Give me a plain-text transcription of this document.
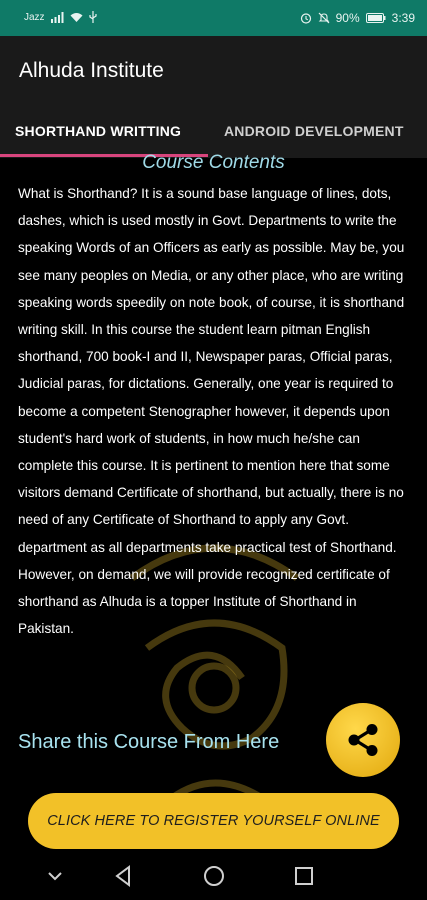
Jazz	90%	3:39
Alhuda Institute
SHORTHAND WRITTING	ANDROID DEVELOPMENT
Course Contents
What is Shorthand? It is a sound base language of lines, dots, dashes, which is used mostly in Govt. Departments to write the speaking Words of an Officers as early as possible. May be, you see many peoples on Media, or any other place, who are writing speaking words speedily on note book, of course, it is shorthand writing skill. In this course the student learn pitman English shorthand, 700 book-I and II, Newspaper paras, Official paras, Judicial paras, for dictations. Generally, one year is required to become a competent Stenographer however, it depends upon student's hard work of students, in how much he/she can complete this course. It is pertinent to mention here that some visitors demand Certificate of shorthand, but actually, there is no need of any Certificate of Shorthand to apply any Govt. department as all departments take practical test of Shorthand. However, on demand, we will provide recognized certificate of shorthand as Alhuda is a topper Institute of Shorthand in Pakistan.
Share this Course From Here
CLICK HERE TO REGISTER YOURSELF ONLINE
